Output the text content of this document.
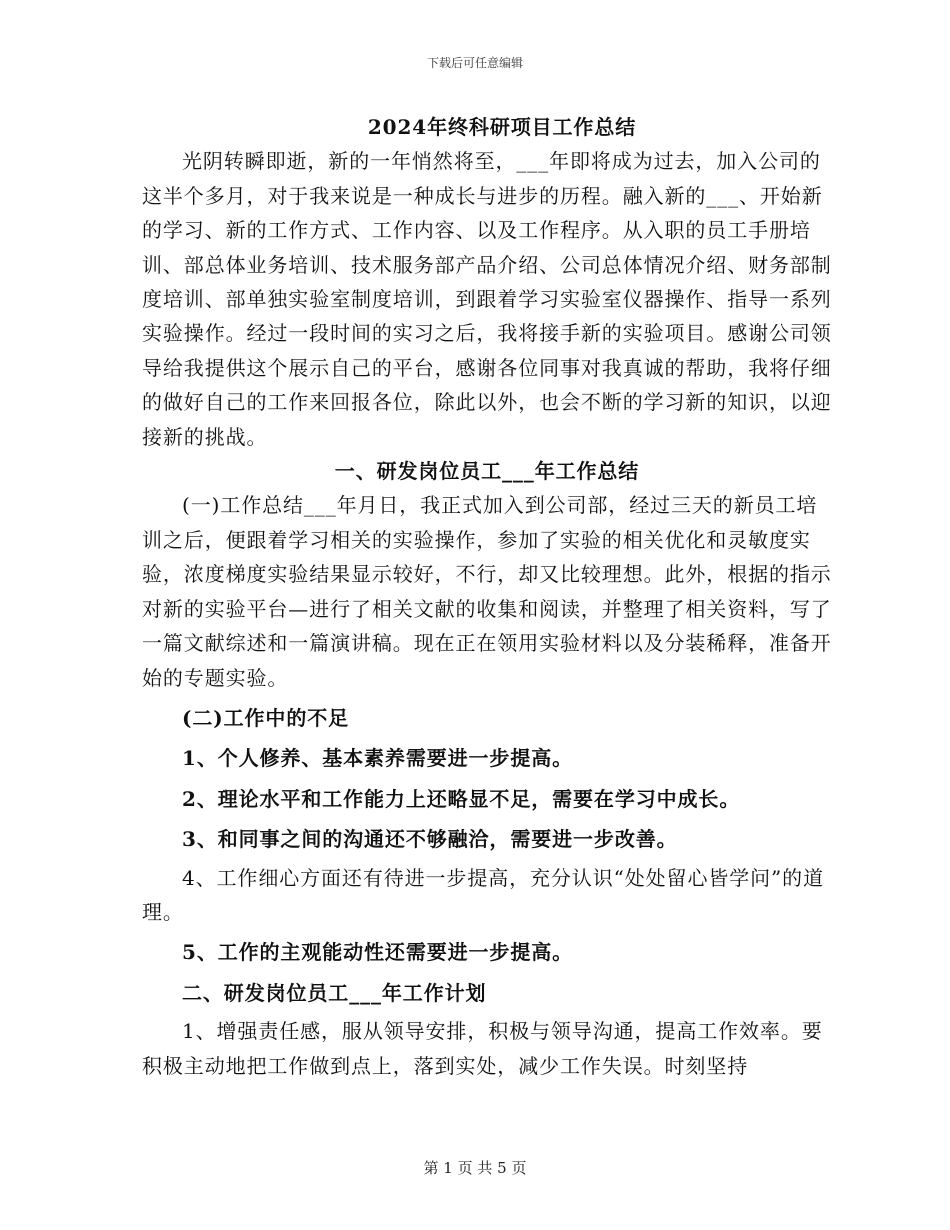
下载后可任意编辑

2024年终科研项目工作总结

光阴转瞬即逝，新的一年悄然将至，___年即将成为过去，加入公司的这半个多月，对于我来说是一种成长与进步的历程。融入新的___、开始新的学习、新的工作方式、工作内容、以及工作程序。从入职的员工手册培训、部总体业务培训、技术服务部产品介绍、公司总体情况介绍、财务部制度培训、部单独实验室制度培训，到跟着学习实验室仪器操作、指导一系列实验操作。经过一段时间的实习之后，我将接手新的实验项目。感谢公司领导给我提供这个展示自己的平台，感谢各位同事对我真诚的帮助，我将仔细的做好自己的工作来回报各位，除此以外，也会不断的学习新的知识，以迎接新的挑战。

一、研发岗位员工___年工作总结

(一)工作总结___年月日，我正式加入到公司部，经过三天的新员工培训之后，便跟着学习相关的实验操作，参加了实验的相关优化和灵敏度实验，浓度梯度实验结果显示较好，不行，却又比较理想。此外，根据的指示对新的实验平台—进行了相关文献的收集和阅读，并整理了相关资料，写了一篇文献综述和一篇演讲稿。现在正在领用实验材料以及分装稀释，准备开始的专题实验。

(二)工作中的不足

1、个人修养、基本素养需要进一步提高。

2、理论水平和工作能力上还略显不足，需要在学习中成长。

3、和同事之间的沟通还不够融洽，需要进一步改善。

4、工作细心方面还有待进一步提高，充分认识“处处留心皆学问”的道理。

5、工作的主观能动性还需要进一步提高。

二、研发岗位员工___年工作计划

1、增强责任感，服从领导安排，积极与领导沟通，提高工作效率。要积极主动地把工作做到点上，落到实处，减少工作失误。时刻坚持

第 1 页 共 5 页
